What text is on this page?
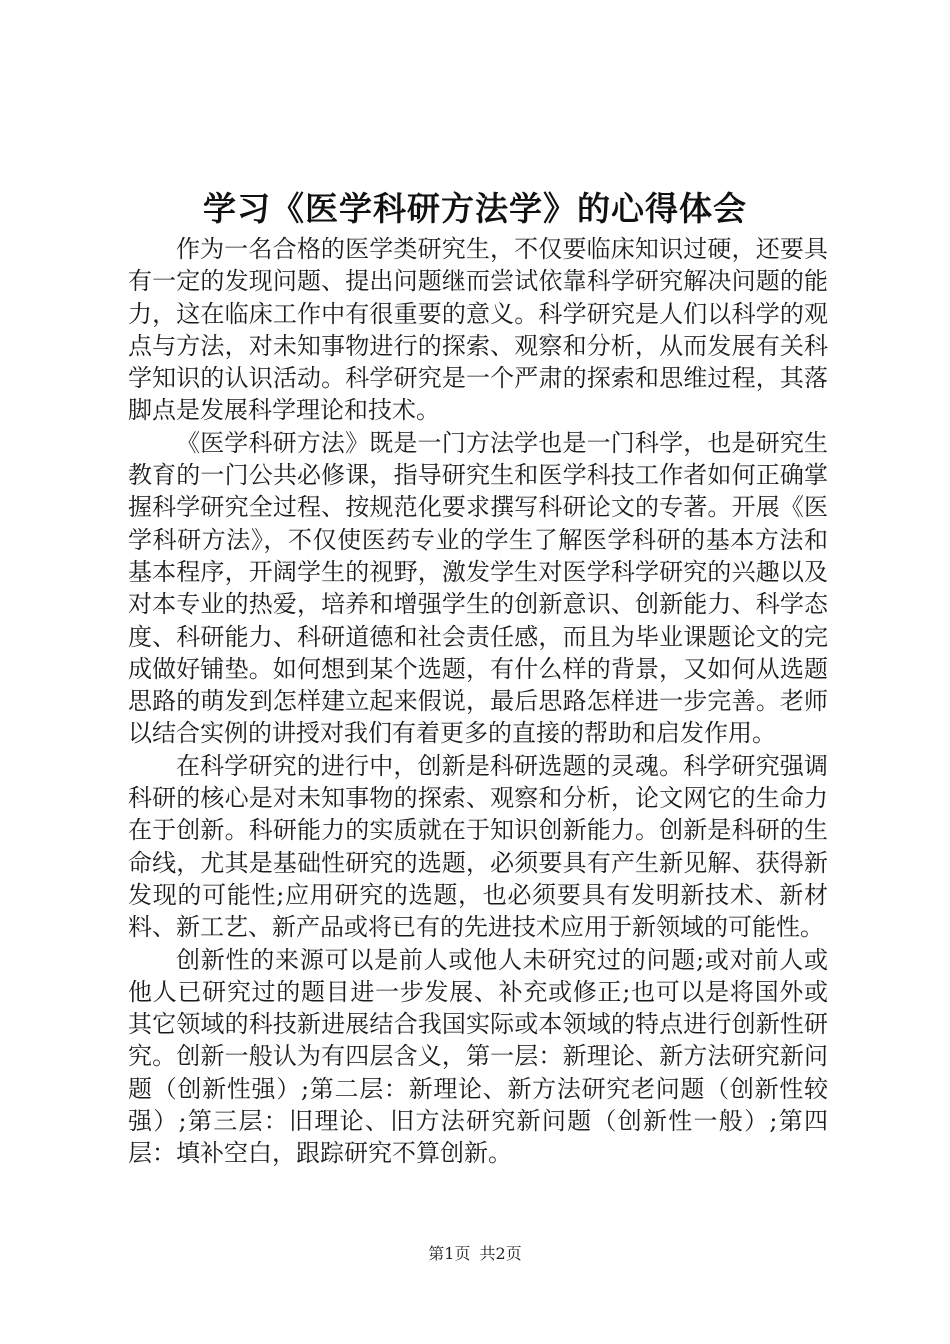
学习《医学科研方法学》的心得体会

作为一名合格的医学类研究生，不仅要临床知识过硬，还要具有一定的发现问题、提出问题继而尝试依靠科学研究解决问题的能力，这在临床工作中有很重要的意义。科学研究是人们以科学的观点与方法，对未知事物进行的探索、观察和分析，从而发展有关科学知识的认识活动。科学研究是一个严肃的探索和思维过程，其落脚点是发展科学理论和技术。

《医学科研方法》既是一门方法学也是一门科学，也是研究生教育的一门公共必修课，指导研究生和医学科技工作者如何正确掌握科学研究全过程、按规范化要求撰写科研论文的专著。开展《医学科研方法》，不仅使医药专业的学生了解医学科研的基本方法和基本程序，开阔学生的视野，激发学生对医学科学研究的兴趣以及对本专业的热爱，培养和增强学生的创新意识、创新能力、科学态度、科研能力、科研道德和社会责任感，而且为毕业课题论文的完成做好铺垫。如何想到某个选题，有什么样的背景，又如何从选题思路的萌发到怎样建立起来假说，最后思路怎样进一步完善。老师以结合实例的讲授对我们有着更多的直接的帮助和启发作用。

在科学研究的进行中，创新是科研选题的灵魂。科学研究强调科研的核心是对未知事物的探索、观察和分析，论文网它的生命力在于创新。科研能力的实质就在于知识创新能力。创新是科研的生命线，尤其是基础性研究的选题，必须要具有产生新见解、获得新发现的可能性;应用研究的选题，也必须要具有发明新技术、新材料、新工艺、新产品或将已有的先进技术应用于新领域的可能性。

创新性的来源可以是前人或他人未研究过的问题;或对前人或他人已研究过的题目进一步发展、补充或修正;也可以是将国外或其它领域的科技新进展结合我国实际或本领域的特点进行创新性研究。创新一般认为有四层含义，第一层：新理论、新方法研究新问题（创新性强）;第二层：新理论、新方法研究老问题（创新性较强）;第三层：旧理论、旧方法研究新问题（创新性一般）;第四层：填补空白，跟踪研究不算创新。

第1页 共2页
